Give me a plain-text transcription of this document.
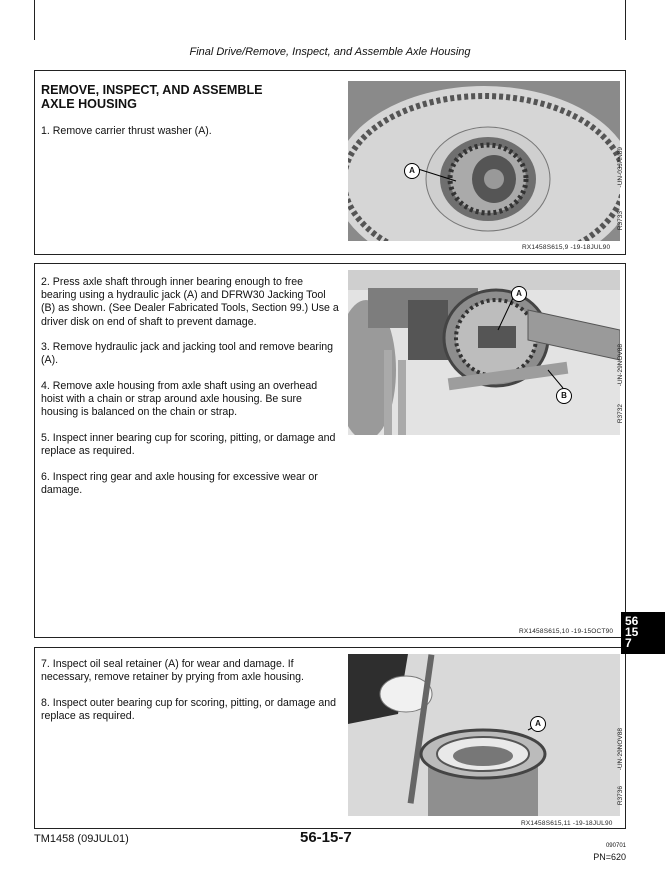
Final Drive/Remove, Inspect, and Assemble Axle Housing
REMOVE, INSPECT, AND ASSEMBLE
AXLE HOUSING

1. Remove carrier thrust washer (A).

A	-UN-03JAN89
R3733
RX1458S615,9 -19-18JUL90

2. Press axle shaft through inner bearing enough to free bearing using a hydraulic jack (A) and DFRW30 Jacking Tool (B) as shown. (See Dealer Fabricated Tools, Section 99.) Use a driver disk on end of shaft to prevent damage.

3. Remove hydraulic jack and jacking tool and remove bearing (A).

4. Remove axle housing from axle shaft using an overhead hoist with a chain or strap around axle housing. Be sure housing is balanced on the chain or strap.

5. Inspect inner bearing cup for scoring, pitting, or damage and replace as required.

6. Inspect ring gear and axle housing for excessive wear or damage.

A
B
-UN-29NOV88
R3732
RX1458S615,10 -19-15OCT90

7. Inspect oil seal retainer (A) for wear and damage. If necessary, remove retainer by prying from axle housing.

8. Inspect outer bearing cup for scoring, pitting, or damage and replace as required.

A
-UN-29NOV88
R3736
RX1458S615,11 -19-18JUL90
56
15
7
TM1458 (09JUL01)	56-15-7	090701
PN=620
